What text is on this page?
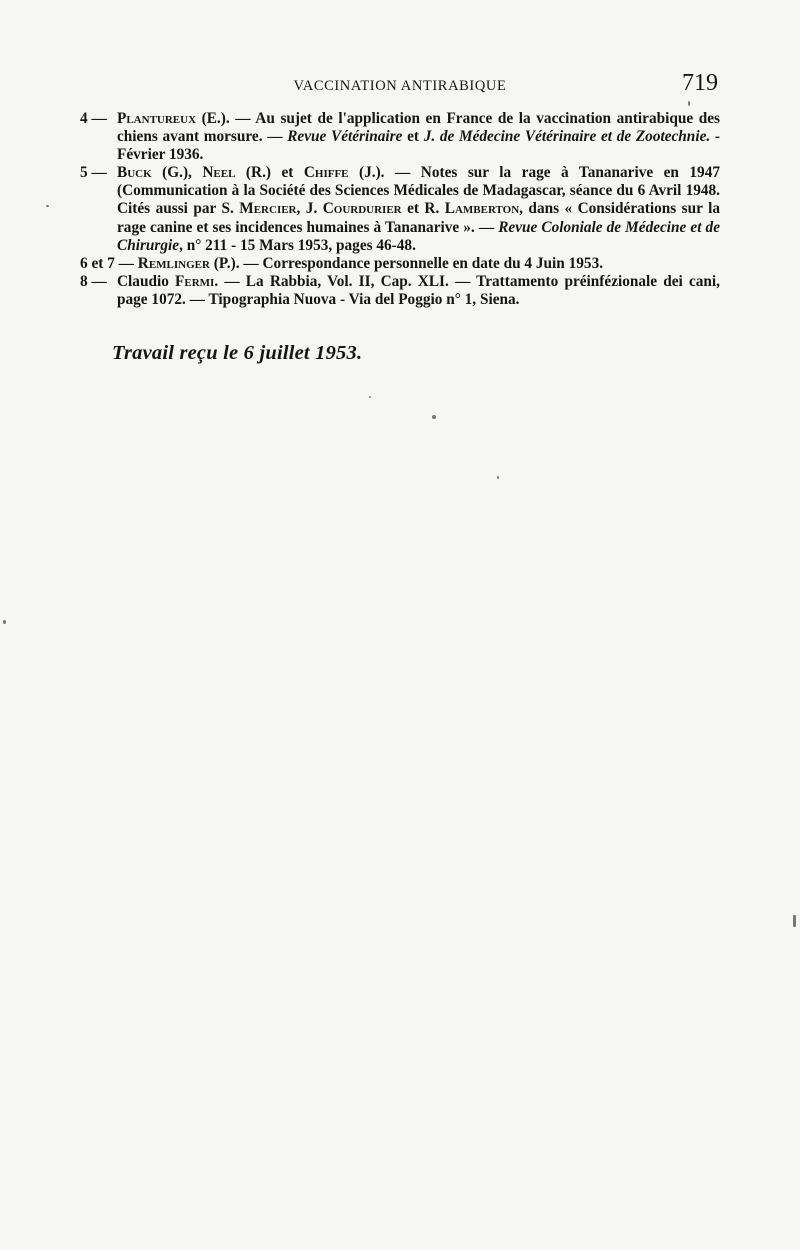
VACCINATION ANTIRABIQUE	719

4 — Plantureux (E.). — Au sujet de l'application en France de la vaccination antirabique des chiens avant morsure. — Revue Vétérinaire et J. de Médecine Vétérinaire et de Zootechnie. - Février 1936.

5 — Buck (G.), Neel (R.) et Chiffe (J.). — Notes sur la rage à Tananarive en 1947 (Communication à la Société des Sciences Médicales de Madagascar, séance du 6 Avril 1948. Cités aussi par S. Mercier, J. Courdurier et R. Lamberton, dans « Considérations sur la rage canine et ses incidences humaines à Tananarive ». — Revue Coloniale de Médecine et de Chirurgie, n° 211 - 15 Mars 1953, pages 46-48.

6 et 7 — Remlinger (P.). — Correspondance personnelle en date du 4 Juin 1953.

8 — Claudio Fermi. — La Rabbia, Vol. II, Cap. XLI. — Trattamento préinfézionale dei cani, page 1072. — Tipographia Nuova - Via del Poggio n° 1, Siena.

Travail reçu le 6 juillet 1953.
